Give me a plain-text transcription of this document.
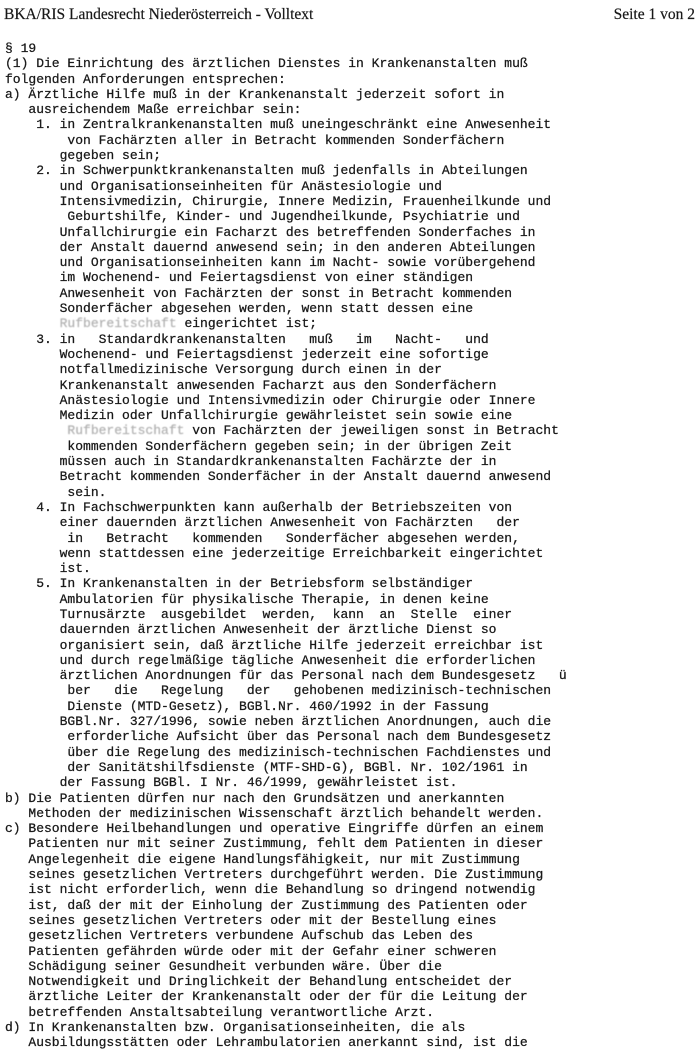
BKA/RIS Landesrecht Niederösterreich - Volltext	Seite 1 von 2
§ 19
(1) Die Einrichtung des ärztlichen Dienstes in Krankenanstalten muß
folgenden Anforderungen entsprechen:
a) Ärztliche Hilfe muß in der Krankenanstalt jederzeit sofort in
ausreichendem Maße erreichbar sein:
1. in Zentralkrankenanstalten muß uneingeschränkt eine Anwesenheit
von Fachärzten aller in Betracht kommenden Sonderfächern
gegeben sein;
2. in Schwerpunktkrankenanstalten muß jedenfalls in Abteilungen
und Organisationseinheiten für Anästesiologie und
Intensivmedizin, Chirurgie, Innere Medizin, Frauenheilkunde und
Geburtshilfe, Kinder- und Jugendheilkunde, Psychiatrie und
Unfallchirurgie ein Facharzt des betreffenden Sonderfaches in
der Anstalt dauernd anwesend sein; in den anderen Abteilungen
und Organisationseinheiten kann im Nacht- sowie vorübergehend
im Wochenend- und Feiertagsdienst von einer ständigen
Anwesenheit von Fachärzten der sonst in Betracht kommenden
Sonderfächer abgesehen werden, wenn statt dessen eine
Rufbereitschaft eingerichtet ist;
3. in   Standardkrankenanstalten   muß   im   Nacht-   und
Wochenend- und Feiertagsdienst jederzeit eine sofortige
notfallmedizinische Versorgung durch einen in der
Krankenanstalt anwesenden Facharzt aus den Sonderfächern
Anästesiologie und Intensivmedizin oder Chirurgie oder Innere
Medizin oder Unfallchirurgie gewährleistet sein sowie eine
Rufbereitschaft von Fachärzten der jeweiligen sonst in Betracht
kommenden Sonderfächern gegeben sein; in der übrigen Zeit
müssen auch in Standardkrankenanstalten Fachärzte der in
Betracht kommenden Sonderfächer in der Anstalt dauernd anwesend
sein.
4. In Fachschwerpunkten kann außerhalb der Betriebszeiten von
einer dauernden ärztlichen Anwesenheit von Fachärzten   der
in   Betracht   kommenden   Sonderfächer abgesehen werden,
wenn stattdessen eine jederzeitige Erreichbarkeit eingerichtet
ist.
5. In Krankenanstalten in der Betriebsform selbständiger
Ambulatorien für physikalische Therapie, in denen keine
Turnusärzte  ausgebildet  werden,  kann  an  Stelle  einer
dauernden ärztlichen Anwesenheit der ärztliche Dienst so
organisiert sein, daß ärztliche Hilfe jederzeit erreichbar ist
und durch regelmäßige tägliche Anwesenheit die erforderlichen
ärztlichen Anordnungen für das Personal nach dem Bundesgesetz   ü
ber   die   Regelung   der   gehobenen medizinisch-technischen
Dienste (MTD-Gesetz), BGBl.Nr. 460/1992 in der Fassung
BGBl.Nr. 327/1996, sowie neben ärztlichen Anordnungen, auch die
erforderliche Aufsicht über das Personal nach dem Bundesgesetz
über die Regelung des medizinisch-technischen Fachdienstes und
der Sanitätshilfsdienste (MTF-SHD-G), BGBl. Nr. 102/1961 in
der Fassung BGBl. I Nr. 46/1999, gewährleistet ist.
b) Die Patienten dürfen nur nach den Grundsätzen und anerkannten
Methoden der medizinischen Wissenschaft ärztlich behandelt werden.
c) Besondere Heilbehandlungen und operative Eingriffe dürfen an einem
Patienten nur mit seiner Zustimmung, fehlt dem Patienten in dieser
Angelegenheit die eigene Handlungsfähigkeit, nur mit Zustimmung
seines gesetzlichen Vertreters durchgeführt werden. Die Zustimmung
ist nicht erforderlich, wenn die Behandlung so dringend notwendig
ist, daß der mit der Einholung der Zustimmung des Patienten oder
seines gesetzlichen Vertreters oder mit der Bestellung eines
gesetzlichen Vertreters verbundene Aufschub das Leben des
Patienten gefährden würde oder mit der Gefahr einer schweren
Schädigung seiner Gesundheit verbunden wäre. Über die
Notwendigkeit und Dringlichkeit der Behandlung entscheidet der
ärztliche Leiter der Krankenanstalt oder der für die Leitung der
betreffenden Anstaltsabteilung verantwortliche Arzt.
d) In Krankenanstalten bzw. Organisationseinheiten, die als
Ausbildungsstätten oder Lehrambulatorien anerkannt sind, ist die
